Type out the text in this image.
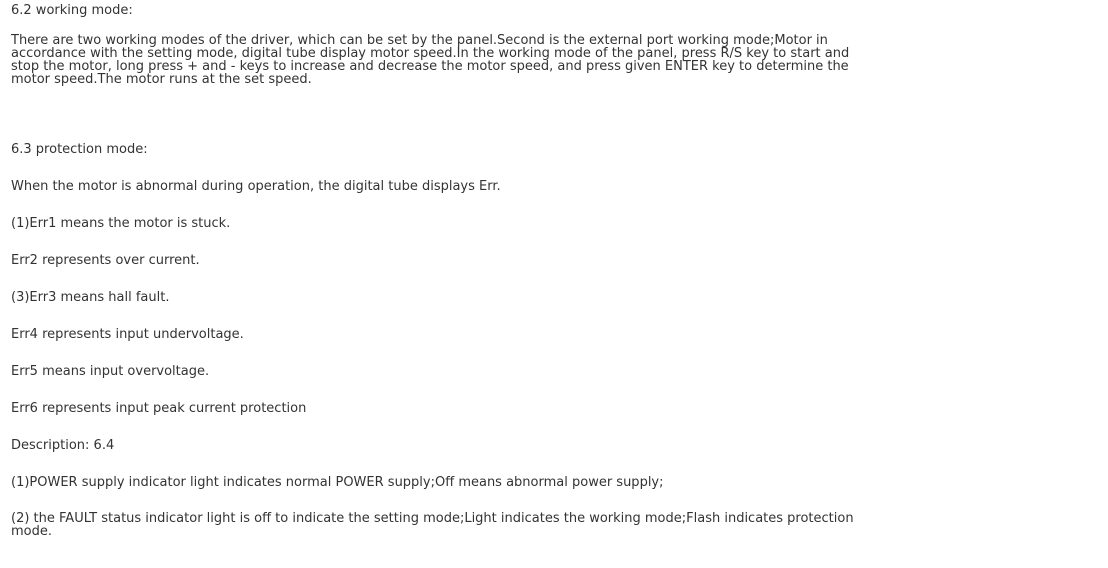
6.2 working mode:

There are two working modes of the driver, which can be set by the panel.Second is the external port working mode;Motor in
accordance with the setting mode, digital tube display motor speed.In the working mode of the panel, press R/S key to start and
stop the motor, long press + and - keys to increase and decrease the motor speed, and press given ENTER key to determine the
motor speed.The motor runs at the set speed.

6.3 protection mode:

When the motor is abnormal during operation, the digital tube displays Err.

(1)Err1 means the motor is stuck.

Err2 represents over current.

(3)Err3 means hall fault.

Err4 represents input undervoltage.

Err5 means input overvoltage.

Err6 represents input peak current protection

Description: 6.4

(1)POWER supply indicator light indicates normal POWER supply;Off means abnormal power supply;

(2) the FAULT status indicator light is off to indicate the setting mode;Light indicates the working mode;Flash indicates protection
mode.
